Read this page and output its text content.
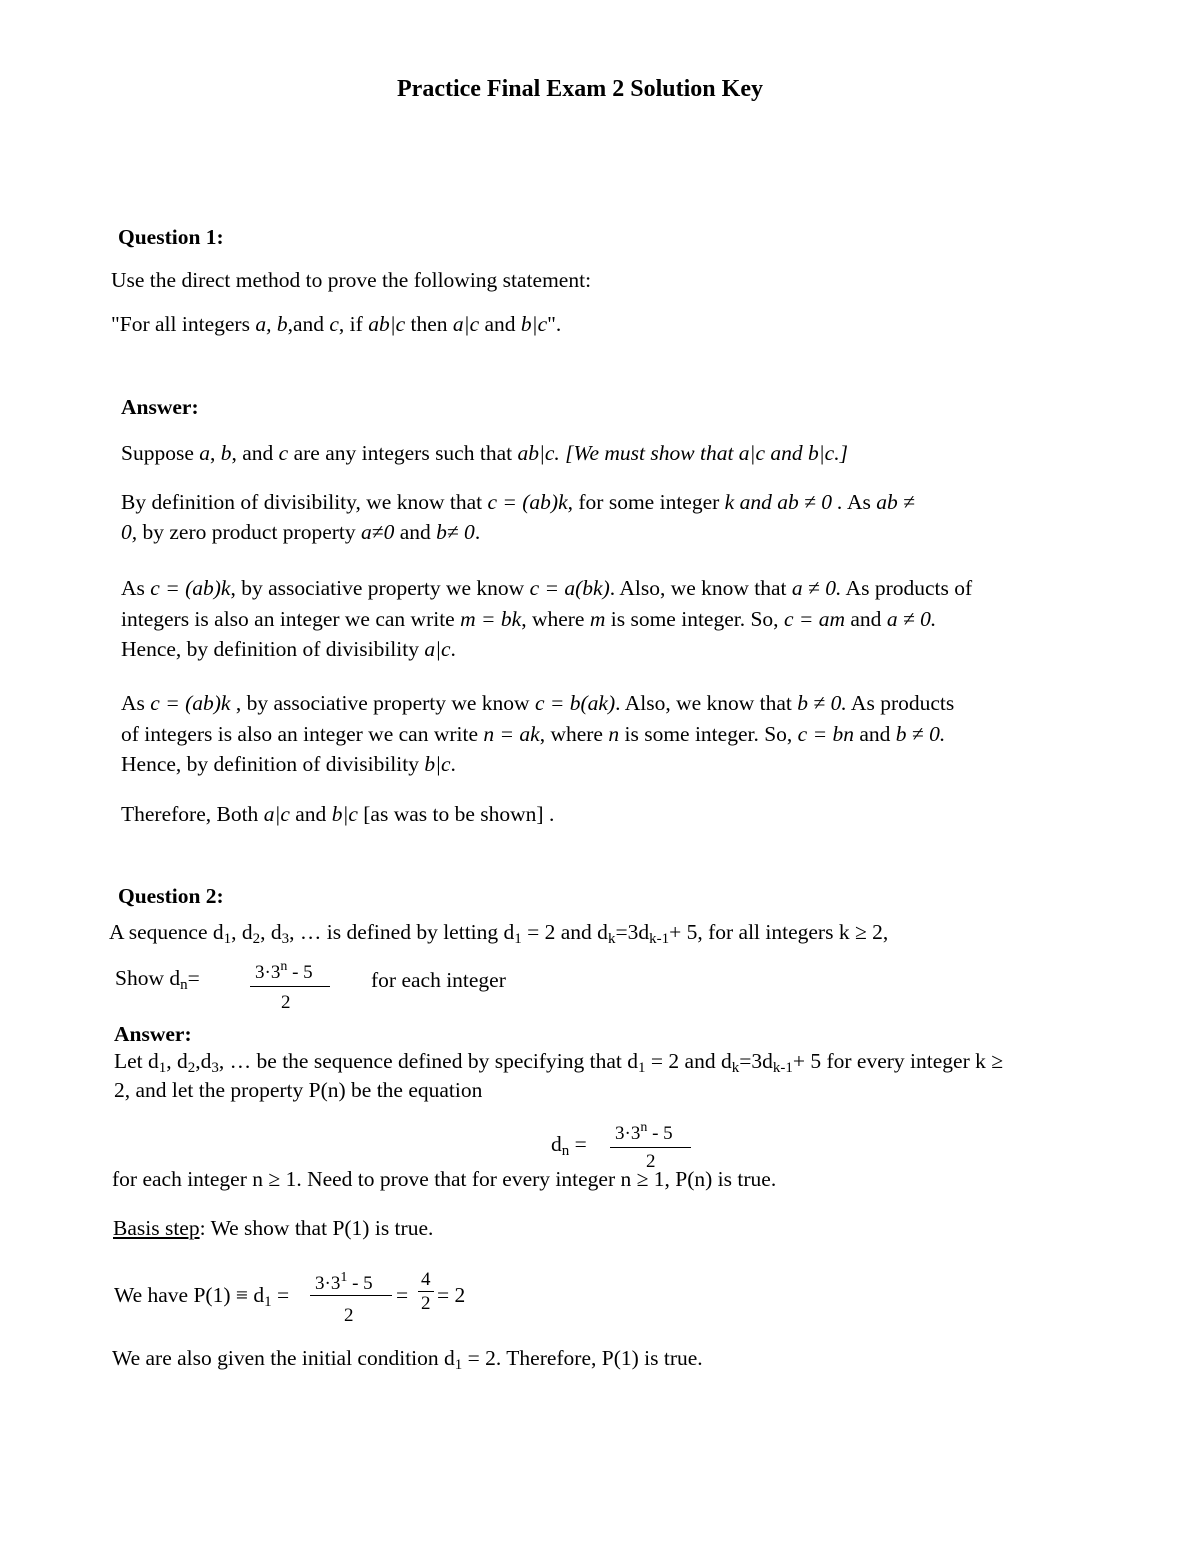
Practice Final Exam 2 Solution Key
Question 1:
Use the direct method to prove the following statement:
"For all integers a, b,and c, if ab|c then a|c and b|c".
Answer:
Suppose a, b, and c are any integers such that ab|c. [We must show that a|c and b|c.]
By definition of divisibility, we know that c = (ab)k, for some integer k and ab ≠ 0 . As ab ≠
0, by zero product property a≠0 and b≠ 0.
As c = (ab)k, by associative property we know c = a(bk). Also, we know that a ≠ 0. As products of
integers is also an integer we can write m = bk, where m is some integer. So, c = am and a ≠ 0.
Hence, by definition of divisibility a|c.
As c = (ab)k , by associative property we know c = b(ak). Also, we know that b ≠ 0. As products
of integers is also an integer we can write n = ak, where n is some integer. So, c = bn and b ≠ 0.
Hence, by definition of divisibility b|c.
Therefore, Both a|c and b|c [as was to be shown] .
Question 2:
A sequence $d_1$, $d_2$, $d_3$, … is defined by letting $d_1 = 2$ and $d_k=3d_{k-1}+ 5$, for all integers k ≥ 2,
Show $d_n=$	$3\cdot 3^n - 5$
2
for each integer
Answer:
Let $d_1$, $d_2,d_3$, … be the sequence defined by specifying that $d_1 = 2$ and $d_k=3d_{k-1}+ 5$ for every integer k ≥
2, and let the property P(n) be the equation
$d_n = 3\cdot 3^n - 5$
2
for each integer n ≥ 1. Need to prove that for every integer n ≥ 1, P(n) is true.
Basis step: We show that P(1) is true.
We have $P(1) \equiv d_1 = 3\cdot 3^1 - 5$
2
=
4
2 = 2
We are also given the initial condition $d_1 = 2$. Therefore, P(1) is true.
